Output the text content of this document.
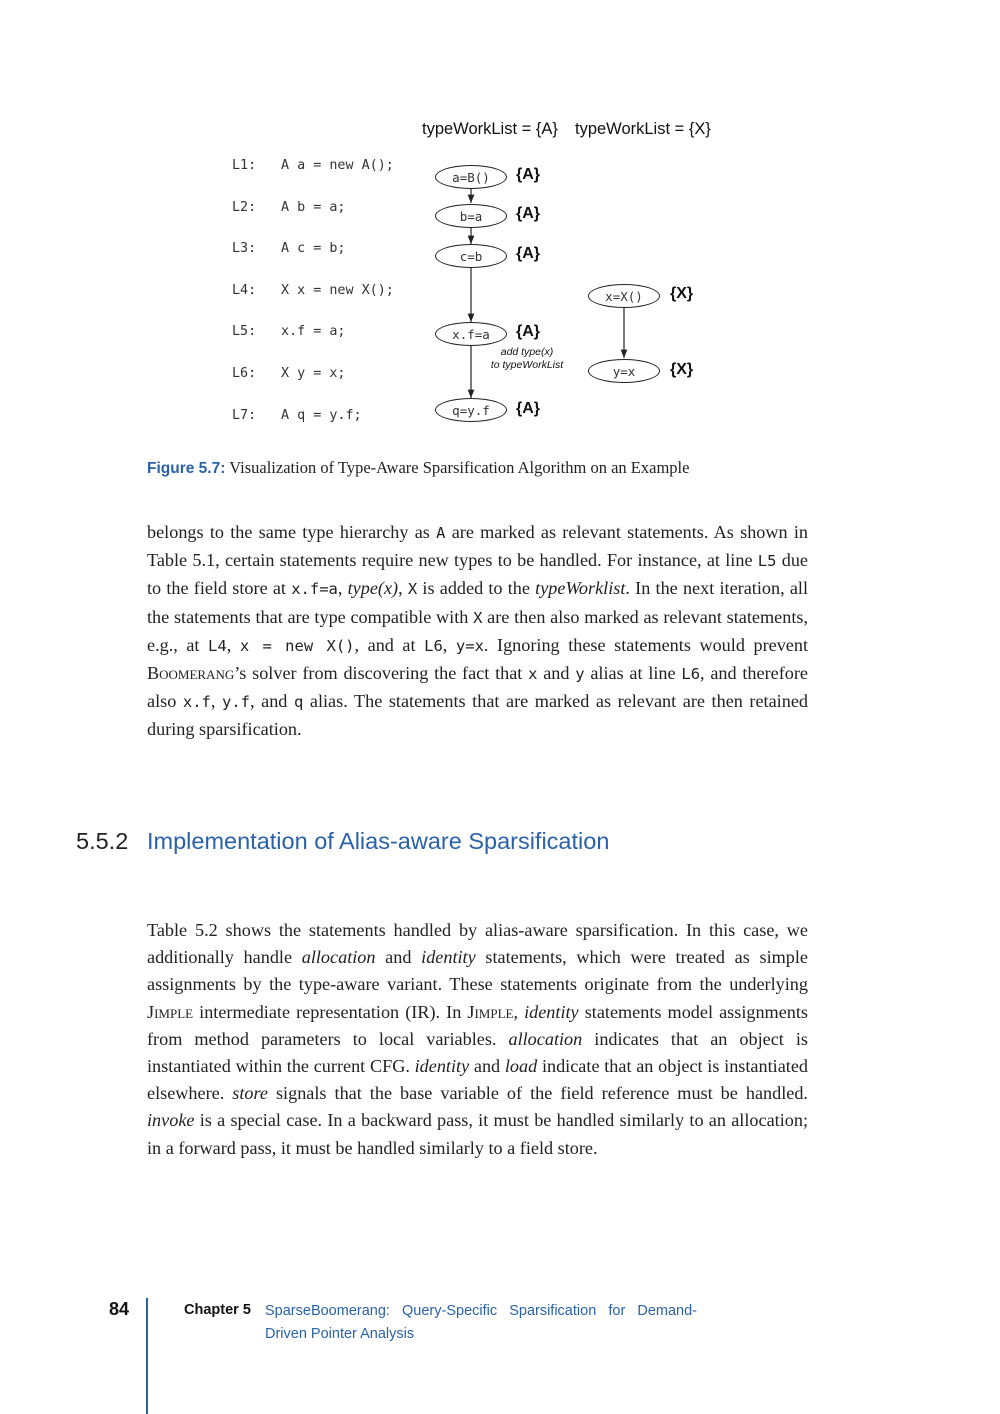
typeWorkList = {A} typeWorkList = {X}
L1: A a = new A();
L2: A b = a;
L3: A c = b;
L4: X x = new X();
L5: x.f = a;
L6: X y = x;
L7: A q = y.f;
a=B()
b=a
c=b
x.f=a
q=y.f
x=X()
y=x
{A}
{A}
{A}
{A}
{A}
{X}
{X}
add type(x)
to typeWorkList
Figure 5.7: Visualization of Type-Aware Sparsification Algorithm on an Example
belongs to the same type hierarchy as A are marked as relevant statements. As shown in Table 5.1, certain statements require new types to be handled. For instance, at line L5 due to the field store at x.f=a, type(x), X is added to the typeWorklist. In the next iteration, all the statements that are type compatible with X are then also marked as relevant statements, e.g., at L4, x = new X(), and at L6, y=x. Ignoring these statements would prevent Boomerang’s solver from discovering the fact that x and y alias at line L6, and therefore also x.f, y.f, and q alias. The statements that are marked as relevant are then retained during sparsification.
5.5.2 Implementation of Alias-aware Sparsification
Table 5.2 shows the statements handled by alias-aware sparsification. In this case, we additionally handle allocation and identity statements, which were treated as simple assignments by the type-aware variant. These statements originate from the underlying Jimple intermediate representation (IR). In Jimple, identity statements model assignments from method parameters to local variables. allocation indicates that an object is instantiated within the current CFG. identity and load indicate that an object is instantiated elsewhere. store signals that the base variable of the field reference must be handled. invoke is a special case. In a backward pass, it must be handled similarly to an allocation; in a forward pass, it must be handled similarly to a field store.
84	Chapter 5 SparseBoomerang: Query-Specific Sparsification for Demand-Driven Pointer Analysis
